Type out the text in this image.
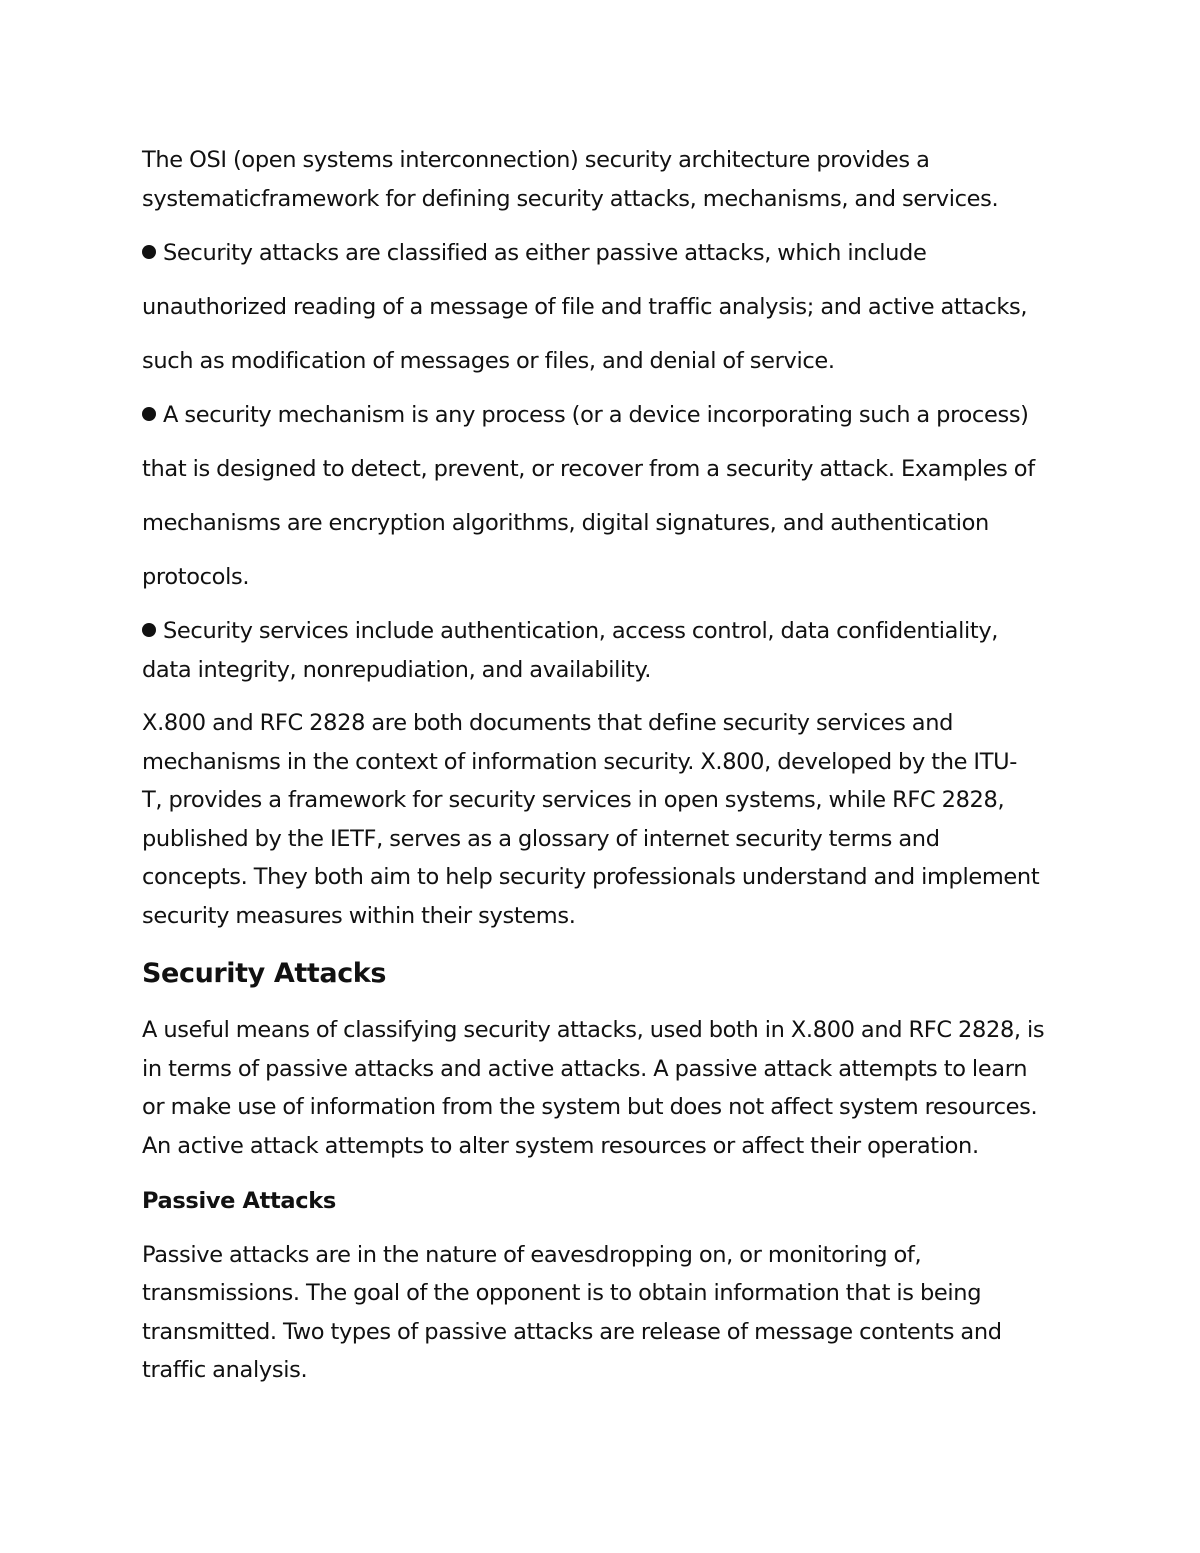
The OSI (open systems interconnection) security architecture provides a
systematicframework for defining security attacks, mechanisms, and services.
Security attacks are classified as either passive attacks, which include
unauthorized reading of a message of file and traffic analysis; and active attacks,
such as modification of messages or files, and denial of service.
A security mechanism is any process (or a device incorporating such a process)
that is designed to detect, prevent, or recover from a security attack. Examples of
mechanisms are encryption algorithms, digital signatures, and authentication
protocols.
Security services include authentication, access control, data confidentiality,
data integrity, nonrepudiation, and availability.
X.800 and RFC 2828 are both documents that define security services and
mechanisms in the context of information security. X.800, developed by the ITU-
T, provides a framework for security services in open systems, while RFC 2828,
published by the IETF, serves as a glossary of internet security terms and
concepts. They both aim to help security professionals understand and implement
security measures within their systems.
Security Attacks
A useful means of classifying security attacks, used both in X.800 and RFC 2828, is
in terms of passive attacks and active attacks. A passive attack attempts to learn
or make use of information from the system but does not affect system resources.
An active attack attempts to alter system resources or affect their operation.
Passive Attacks
Passive attacks are in the nature of eavesdropping on, or monitoring of,
transmissions. The goal of the opponent is to obtain information that is being
transmitted. Two types of passive attacks are release of message contents and
traffic analysis.
